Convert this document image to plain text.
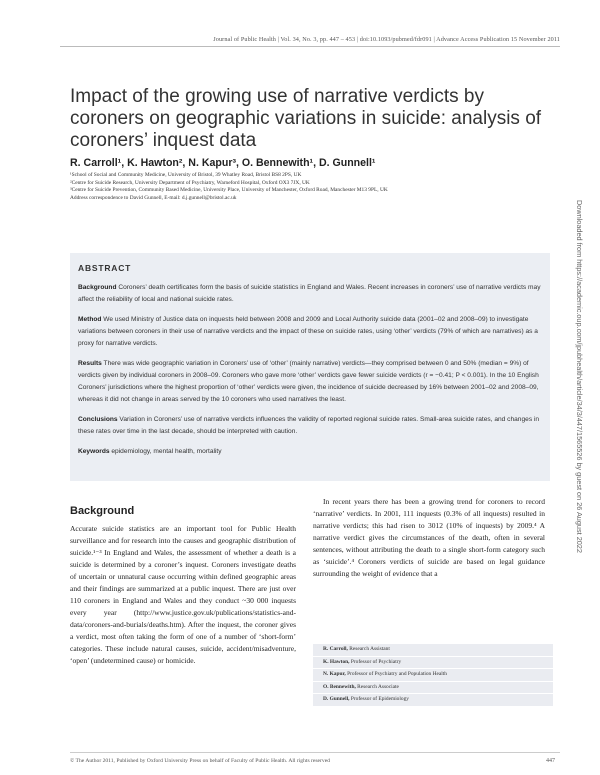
Journal of Public Health | Vol. 34, No. 3, pp. 447 – 453 | doi:10.1093/pubmed/fdr091 | Advance Access Publication 15 November 2011
Impact of the growing use of narrative verdicts by coroners on geographic variations in suicide: analysis of coroners’ inquest data
R. Carroll¹, K. Hawton², N. Kapur³, O. Bennewith¹, D. Gunnell¹
¹School of Social and Community Medicine, University of Bristol, 39 Whatley Road, Bristol BS8 2PS, UK
²Centre for Suicide Research, University Department of Psychiatry, Warneford Hospital, Oxford OX3 7JX, UK
³Centre for Suicide Prevention, Community Based Medicine, University Place, University of Manchester, Oxford Road, Manchester M13 9PL, UK
Address correspondence to David Gunnell, E-mail: d.j.gunnell@bristol.ac.uk
Downloaded from https://academic.oup.com/jpubhealth/article/34/3/447/1565526 by guest on 26 August 2022
ABSTRACT

Background Coroners’ death certificates form the basis of suicide statistics in England and Wales. Recent increases in coroners’ use of narrative verdicts may affect the reliability of local and national suicide rates.

Method We used Ministry of Justice data on inquests held between 2008 and 2009 and Local Authority suicide data (2001–02 and 2008–09) to investigate variations between coroners in their use of narrative verdicts and the impact of these on suicide rates, using ‘other’ verdicts (79% of which are narratives) as a proxy for narrative verdicts.

Results There was wide geographic variation in Coroners’ use of ‘other’ (mainly narrative) verdicts—they comprised between 0 and 50% (median = 9%) of verdicts given by individual coroners in 2008–09. Coroners who gave more ‘other’ verdicts gave fewer suicide verdicts (r = −0.41; P < 0.001). In the 10 English Coroners’ jurisdictions where the highest proportion of ‘other’ verdicts were given, the incidence of suicide decreased by 16% between 2001–02 and 2008–09, whereas it did not change in areas served by the 10 coroners who used narratives the least.

Conclusions Variation in Coroners’ use of narrative verdicts influences the validity of reported regional suicide rates. Small-area suicide rates, and changes in these rates over time in the last decade, should be interpreted with caution.

Keywords epidemiology, mental health, mortality

Background
Accurate suicide statistics are an important tool for Public Health surveillance and for research into the causes and geographic distribution of suicide.¹⁻³ In England and Wales, the assessment of whether a death is a suicide is determined by a coroner’s inquest. Coroners investigate deaths of uncertain or unnatural cause occurring within defined geographic areas and their findings are summarized at a public inquest. There are just over 110 coroners in England and Wales and they conduct ~30 000 inquests every year (http://www.justice.gov.uk/publications/statistics-and-data/coroners-and-burials/deaths.htm). After the inquest, the coroner gives a verdict, most often taking the form of one of a number of ‘short-form’ categories. These include natural causes, suicide, accident/misadventure, ‘open’ (undetermined cause) or homicide.
In recent years there has been a growing trend for coroners to record ‘narrative’ verdicts. In 2001, 111 inquests (0.3% of all inquests) resulted in narrative verdicts; this had risen to 3012 (10% of inquests) by 2009.⁴ A narrative verdict gives the circumstances of the death, often in several sentences, without attributing the death to a single short-form category such as ‘suicide’.⁴ Coroners verdicts of suicide are based on legal guidance surrounding the weight of evidence that a
R. Carroll, Research Assistant
K. Hawton, Professor of Psychiatry
N. Kapur, Professor of Psychiatry and Population Health
O. Bennewith, Research Associate
D. Gunnell, Professor of Epidemiology
© The Author 2011, Published by Oxford University Press on behalf of Faculty of Public Health. All rights reserved	447
